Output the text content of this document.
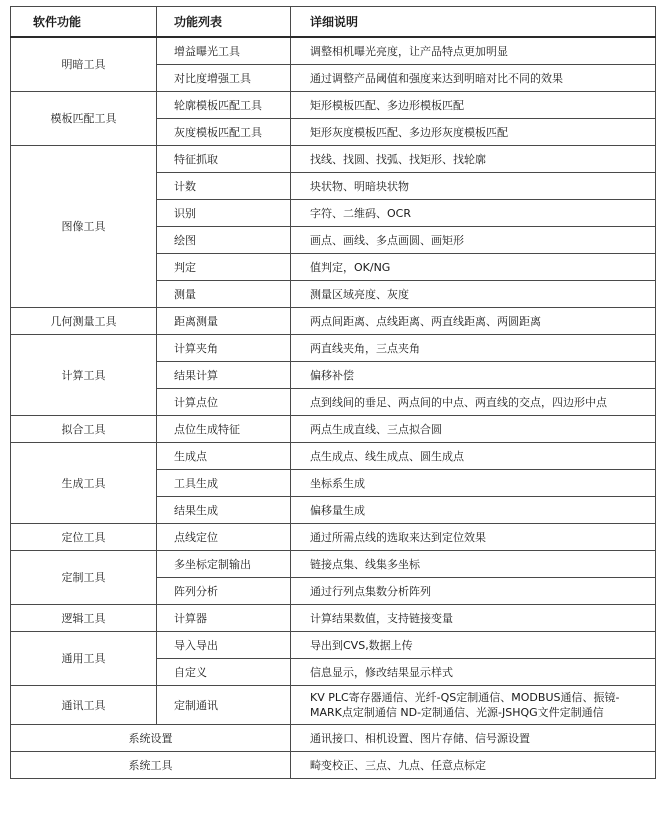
软件功能	功能列表	详细说明
明暗工具	增益曝光工具	调整相机曝光亮度，让产品特点更加明显
	对比度增强工具	通过调整产品阈值和强度来达到明暗对比不同的效果
模板匹配工具	轮廓模板匹配工具	矩形模板匹配、多边形模板匹配
	灰度模板匹配工具	矩形灰度模板匹配、多边形灰度模板匹配
图像工具	特征抓取	找线、找圆、找弧、找矩形、找轮廓
	计数	块状物、明暗块状物
	识别	字符、二维码、OCR
	绘图	画点、画线、多点画圆、画矩形
	判定	值判定，OK/NG
	测量	测量区域亮度、灰度
几何测量工具	距离测量	两点间距离、点线距离、两直线距离、两圆距离
计算工具	计算夹角	两直线夹角，三点夹角
	结果计算	偏移补偿
	计算点位	点到线间的垂足、两点间的中点、两直线的交点，四边形中点
拟合工具	点位生成特征	两点生成直线、三点拟合圆
生成工具	生成点	点生成点、线生成点、圆生成点
	工具生成	坐标系生成
	结果生成	偏移量生成
定位工具	点线定位	通过所需点线的选取来达到定位效果
定制工具	多坐标定制输出	链接点集、线集多坐标
	阵列分析	通过行列点集数分析阵列
逻辑工具	计算器	计算结果数值，支持链接变量
通用工具	导入导出	导出到CVS,数据上传
	自定义	信息显示，修改结果显示样式
通讯工具	定制通讯	KV PLC寄存器通信、光纤-QS定制通信、MODBUS通信、振镜-MARK点定制通信 ND-定制通信、光源-JSHQG文件定制通信
系统设置		通讯接口、相机设置、图片存储、信号源设置
系统工具		畸变校正、三点、九点、任意点标定
